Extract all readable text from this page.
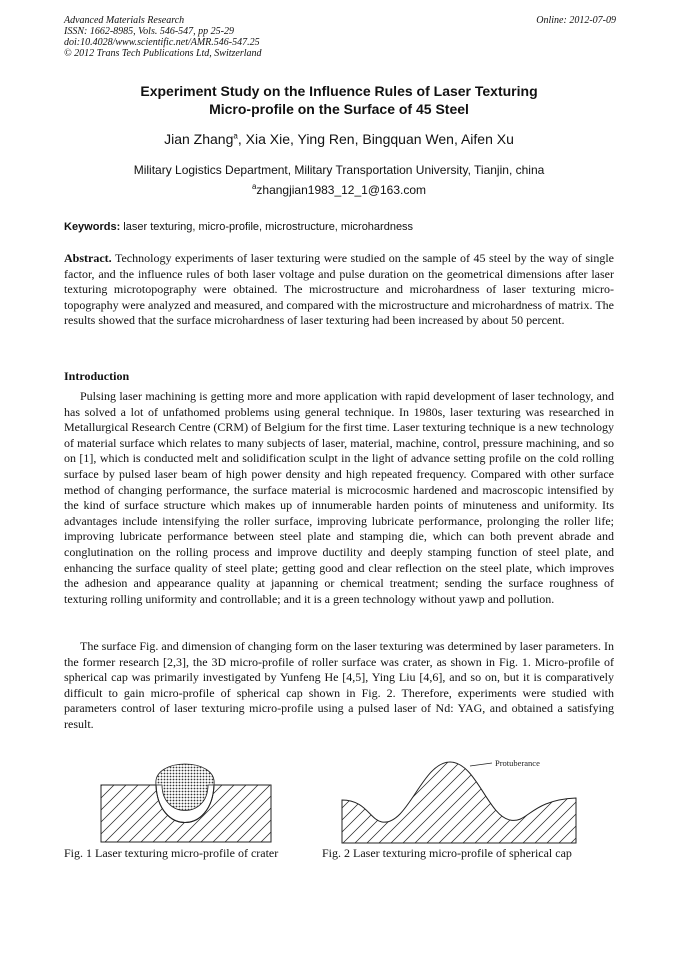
Advanced Materials Research
ISSN: 1662-8985, Vols. 546-547, pp 25-29
doi:10.4028/www.scientific.net/AMR.546-547.25
© 2012 Trans Tech Publications Ltd, Switzerland
Online: 2012-07-09
Experiment Study on the Influence Rules of Laser Texturing
Micro-profile on the Surface of 45 Steel
Jian Zhang$^a$, Xia Xie, Ying Ren, Bingquan Wen, Aifen Xu
Military Logistics Department, Military Transportation University, Tianjin, china
$^a$zhangjian1983_12_1@163.com
Keywords: laser texturing, micro-profile, microstructure, microhardness
Abstract. Technology experiments of laser texturing were studied on the sample of 45 steel by the way of single factor, and the influence rules of both laser voltage and pulse duration on the geometrical dimensions after laser texturing microtopography were obtained. The microstructure and microhardness of laser texturing micro-topography were analyzed and measured, and compared with the microstructure and microhardness of matrix. The results showed that the surface microhardness of laser texturing had been increased by about 50 percent.
Introduction
Pulsing laser machining is getting more and more application with rapid development of laser technology, and has solved a lot of unfathomed problems using general technique. In 1980s, laser texturing was researched in Metallurgical Research Centre (CRM) of Belgium for the first time. Laser texturing technique is a new technology of material surface which relates to many subjects of laser, material, machine, control, pressure machining, and so on [1], which is conducted melt and solidification sculpt in the light of advance setting profile on the cold rolling surface by pulsed laser beam of high power density and high repeated frequency. Compared with other surface method of changing performance, the surface material is microcosmic hardened and macroscopic intensified by the kind of surface structure which makes up of innumerable harden points of minuteness and uniformity. Its advantages include intensifying the roller surface, improving lubricate performance, prolonging the roller life; improving lubricate performance between steel plate and stamping die, which can both prevent abrade and conglutination on the rolling process and improve ductility and deeply stamping function of steel plate, and enhancing the surface quality of steel plate; getting good and clear reflection on the steel plate, which improves the adhesion and appearance quality at japanning or chemical treatment; sending the surface roughness of texturing rolling uniformity and controllable; and it is a green technology without yawp and pollution.
The surface Fig. and dimension of changing form on the laser texturing was determined by laser parameters. In the former research [2,3], the 3D micro-profile of roller surface was crater, as shown in Fig. 1. Micro-profile of spherical cap was primarily investigated by Yunfeng He [4,5], Ying Liu [4,6], and so on, but it is comparatively difficult to gain micro-profile of spherical cap shown in Fig. 2. Therefore, experiments were studied with parameters control of laser texturing micro-profile using a pulsed laser of Nd: YAG, and obtained a satisfying result.
Protuberance
Fig. 1 Laser texturing micro-profile of crater	Fig. 2 Laser texturing micro-profile of spherical cap
